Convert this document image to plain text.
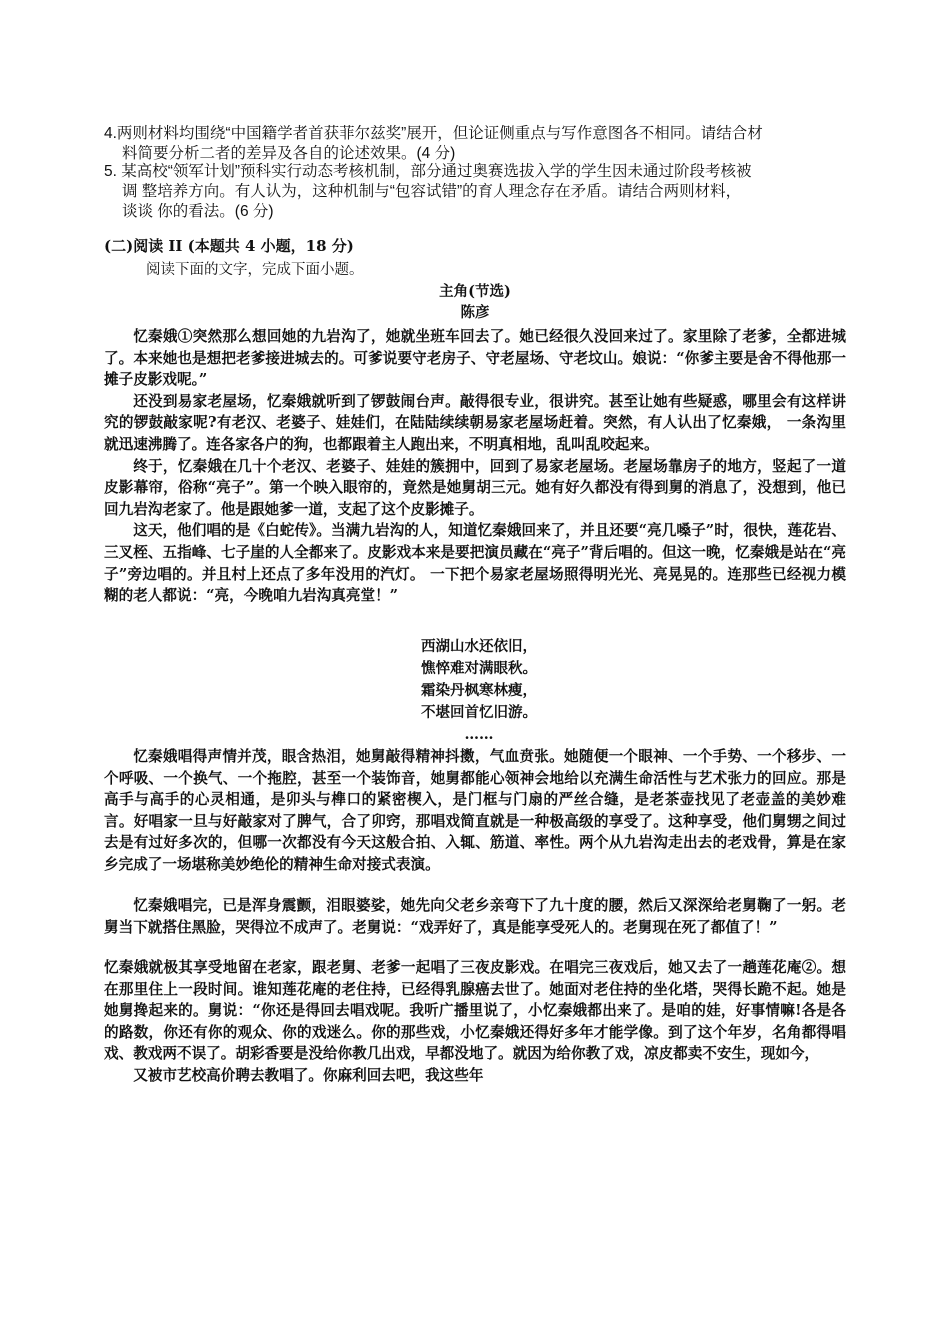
4.两则材料均围绕“中国籍学者首获菲尔兹奖”展开，但论证侧重点与写作意图各不相同。请结合材
料简要分析二者的差异及各自的论述效果。(4 分)
5. 某高校“领军计划”预科实行动态考核机制，部分通过奥赛选拔入学的学生因未通过阶段考核被
调 整培养方向。有人认为，这种机制与“包容试错”的育人理念存在矛盾。请结合两则材料，
谈谈 你的看法。(6 分)
(二)阅读 II (本题共 4 小题，18 分)
阅读下面的文字，完成下面小题。
主角(节选)
陈彦

忆秦娥①突然那么想回她的九岩沟了，她就坐班车回去了。她已经很久没回来过了。家里除了老爹，全都进城了。本来她也是想把老爹接进城去的。可爹说要守老房子、守老屋场、守老坟山。娘说：“你爹主要是舍不得他那一摊子皮影戏呢。”

还没到易家老屋场，忆秦娥就听到了锣鼓闹台声。敲得很专业，很讲究。甚至让她有些疑惑，哪里会有这样讲究的锣鼓敲家呢?有老汉、老婆子、娃娃们，在陆陆续续朝易家老屋场赶着。突然，有人认出了忆秦娥， 一条沟里就迅速沸腾了。连各家各户的狗，也都跟着主人跑出来，不明真相地，乱叫乱咬起来。

终于，忆秦娥在几十个老汉、老婆子、娃娃的簇拥中，回到了易家老屋场。老屋场靠房子的地方，竖起了一道皮影幕帘，俗称“亮子”。第一个映入眼帘的，竟然是她舅胡三元。她有好久都没有得到舅的消息了，没想到，他已回九岩沟老家了。他是跟她爹一道，支起了这个皮影摊子。

这天，他们唱的是《白蛇传》。当满九岩沟的人，知道忆秦娥回来了，并且还要“亮几嗓子”时，很快，莲花岩、三叉桎、五指峰、七子崖的人全都来了。皮影戏本来是要把演员藏在“亮子”背后唱的。但这一晚，忆秦娥是站在“亮子”旁边唱的。并且村上还点了多年没用的汽灯。 一下把个易家老屋场照得明光光、亮晃晃的。连那些已经视力模糊的老人都说：“亮，今晚咱九岩沟真亮堂！”

西湖山水还依旧，
憔悴难对满眼秋。
霜染丹枫寒林瘦，
不堪回首忆旧游。
……

忆秦娥唱得声情并茂，眼含热泪，她舅敲得精神抖擞，气血贲张。她随便一个眼神、一个手势、一个移步、一个呼吸、一个换气、一个拖腔，甚至一个装饰音，她舅都能心领神会地给以充满生命活性与艺术张力的回应。那是高手与高手的心灵相通，是卯头与榫口的紧密楔入，是门框与门扇的严丝合缝，是老茶壶找见了老壶盖的美妙难言。好唱家一旦与好敲家对了脾气，合了卯窍，那唱戏简直就是一种极高级的享受了。这种享受，他们舅甥之间过去是有过好多次的，但哪一次都没有今天这般合拍、入辄、筋道、率性。两个从九岩沟走出去的老戏骨，算是在家乡完成了一场堪称美妙绝伦的精神生命对接式表演。

忆秦娥唱完，已是浑身震颤，泪眼婆娑，她先向父老乡亲弯下了九十度的腰，然后又深深给老舅鞠了一躬。老舅当下就搭住黑脸，哭得泣不成声了。老舅说：“戏弄好了，真是能享受死人的。老舅现在死了都值了！”

忆秦娥就极其享受地留在老家，跟老舅、老爹一起唱了三夜皮影戏。在唱完三夜戏后，她又去了一趟莲花庵②。想在那里住上一段时间。谁知莲花庵的老住持，已经得乳腺癌去世了。她面对老住持的坐化塔，哭得长跪不起。她是她舅搀起来的。舅说：“你还是得回去唱戏呢。我听广播里说了，小忆秦娥都出来了。是咱的娃，好事情嘛!各是各的路数，你还有你的观众、你的戏迷么。你的那些戏，小忆秦娥还得好多年才能学像。到了这个年岁，名角都得唱戏、教戏两不误了。胡彩香要是没给你教几出戏，早都没地了。就因为给你教了戏，凉皮都卖不安生，现如今，

又被市艺校高价聘去教唱了。你麻利回去吧，我这些年
